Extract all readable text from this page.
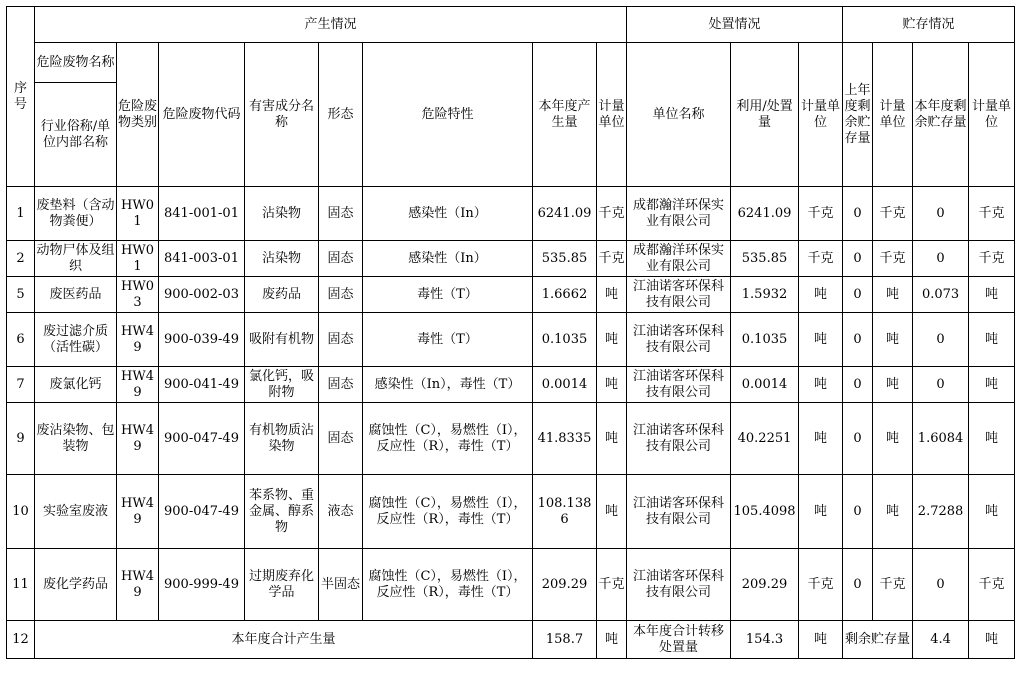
序号	产生情况								处置情况			贮存情况			
	危险废物名称	危险废物类别	危险废物代码	有害成分名称	形态	危险特性	本年度产生量	计量单位	单位名称	利用/处置量	计量单位	上年度剩余贮存量	计量单位	本年度剩余贮存量	计量单位
	行业俗称/单位内部名称														
1	废垫料（含动物粪便）	HW01	841-001-01	沾染物	固态	感染性（In）	6241.09	千克	成都瀚洋环保实业有限公司	6241.09	千克	0	千克	0	千克
2	动物尸体及组织	HW01	841-003-01	沾染物	固态	感染性（In）	535.85	千克	成都瀚洋环保实业有限公司	535.85	千克	0	千克	0	千克
5	废医药品	HW03	900-002-03	废药品	固态	毒性（T）	1.6662	吨	江油诺客环保科技有限公司	1.5932	吨	0	吨	0.073	吨
6	废过滤介质（活性碳）	HW49	900-039-49	吸附有机物	固态	毒性（T）	0.1035	吨	江油诺客环保科技有限公司	0.1035	吨	0	吨	0	吨
7	废氯化钙	HW49	900-041-49	氯化钙，吸附物	固态	感染性（In），毒性（T）	0.0014	吨	江油诺客环保科技有限公司	0.0014	吨	0	吨	0	吨
9	废沾染物、包装物	HW49	900-047-49	有机物质沾染物	固态	腐蚀性（C），易燃性（I），反应性（R），毒性（T）	41.8335	吨	江油诺客环保科技有限公司	40.2251	吨	0	吨	1.6084	吨
10	实验室废液	HW49	900-047-49	苯系物、重金属、醇系物	液态	腐蚀性（C），易燃性（I），反应性（R），毒性（T）	108.1386	吨	江油诺客环保科技有限公司	105.4098	吨	0	吨	2.7288	吨
11	废化学药品	HW49	900-999-49	过期废弃化学品	半固态	腐蚀性（C），易燃性（I），反应性（R），毒性（T）	209.29	千克	江油诺客环保科技有限公司	209.29	千克	0	千克	0	千克
12	本年度合计产生量						158.7	吨	本年度合计转移处置量	154.3	吨	剩余贮存量		4.4	吨
